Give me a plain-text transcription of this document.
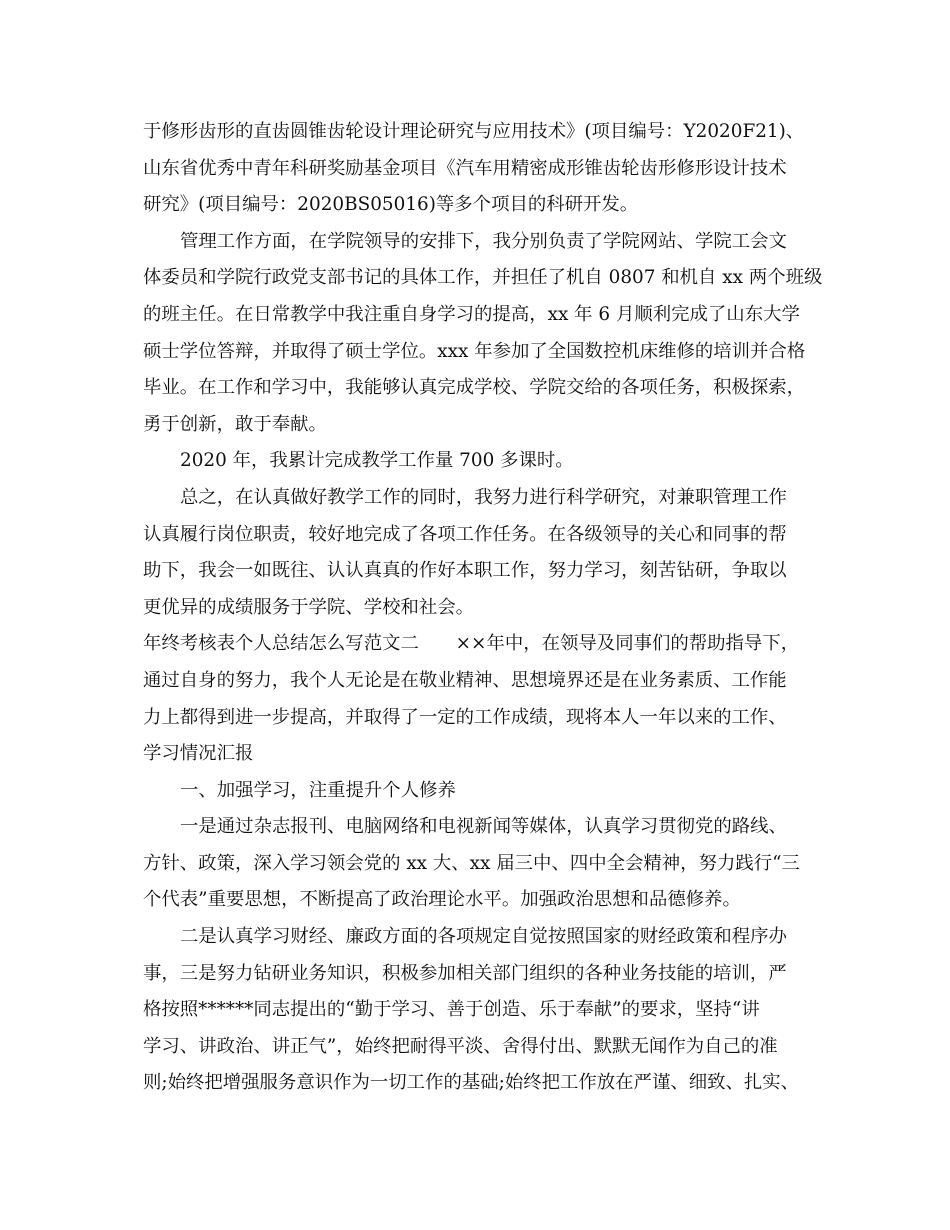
于修形齿形的直齿圆锥齿轮设计理论研究与应用技术》(项目编号：Y2020F21)、
山东省优秀中青年科研奖励基金项目《汽车用精密成形锥齿轮齿形修形设计技术
研究》(项目编号：2020BS05016)等多个项目的科研开发。
管理工作方面，在学院领导的安排下，我分别负责了学院网站、学院工会文
体委员和学院行政党支部书记的具体工作，并担任了机自 0807 和机自 xx 两个班级
的班主任。在日常教学中我注重自身学习的提高，xx 年 6 月顺利完成了山东大学
硕士学位答辩，并取得了硕士学位。xxx 年参加了全国数控机床维修的培训并合格
毕业。在工作和学习中，我能够认真完成学校、学院交给的各项任务，积极探索，
勇于创新，敢于奉献。
2020 年，我累计完成教学工作量 700 多课时。
总之，在认真做好教学工作的同时，我努力进行科学研究，对兼职管理工作
认真履行岗位职责，较好地完成了各项工作任务。在各级领导的关心和同事的帮
助下，我会一如既往、认认真真的作好本职工作，努力学习，刻苦钻研，争取以
更优异的成绩服务于学院、学校和社会。
年终考核表个人总结怎么写范文二　　××年中，在领导及同事们的帮助指导下，
通过自身的努力，我个人无论是在敬业精神、思想境界还是在业务素质、工作能
力上都得到进一步提高，并取得了一定的工作成绩，现将本人一年以来的工作、
学习情况汇报
一、加强学习，注重提升个人修养
一是通过杂志报刊、电脑网络和电视新闻等媒体，认真学习贯彻党的路线、
方针、政策，深入学习领会党的 xx 大、xx 届三中、四中全会精神，努力践行“三
个代表”重要思想，不断提高了政治理论水平。加强政治思想和品德修养。
二是认真学习财经、廉政方面的各项规定自觉按照国家的财经政策和程序办
事，三是努力钻研业务知识，积极参加相关部门组织的各种业务技能的培训，严
格按照******同志提出的“勤于学习、善于创造、乐于奉献”的要求，坚持“讲
学习、讲政治、讲正气”，始终把耐得平淡、舍得付出、默默无闻作为自己的准
则;始终把增强服务意识作为一切工作的基础;始终把工作放在严谨、细致、扎实、
